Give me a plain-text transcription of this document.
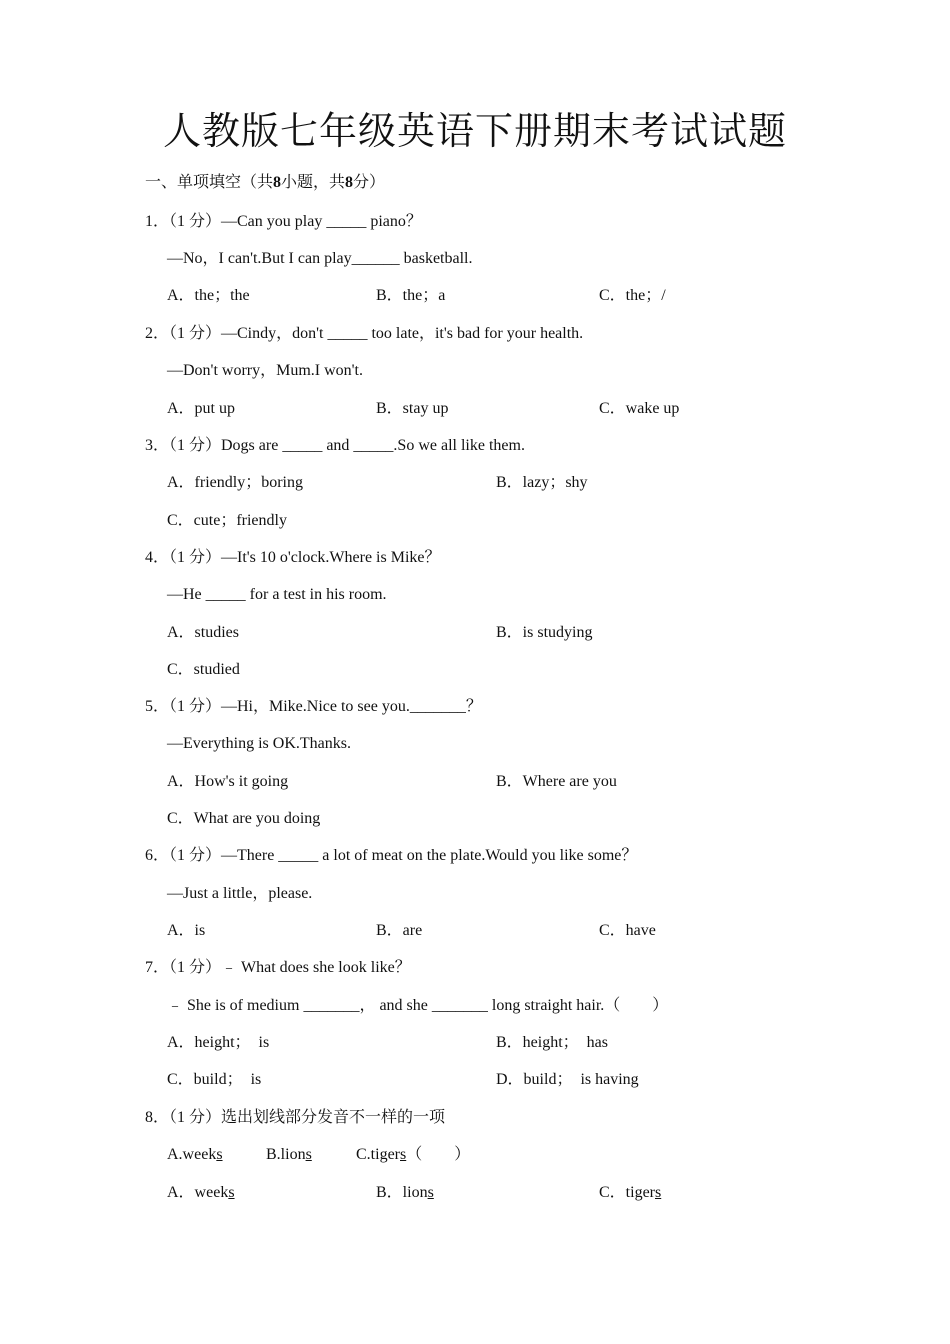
人教版七年级英语下册期末考试试题
一、单项填空（共8小题，共8分）
1．（1 分）—Can you play _____ piano？
—No，I can't.But I can play______ basketball.
A．the；the	B．the；a	C．the；/
2．（1 分）—Cindy，don't _____ too late，it's bad for your health.
—Don't worry，Mum.I won't.
A．put up	B．stay up	C．wake up
3．（1 分）Dogs are _____ and _____.So we all like them.
A．friendly；boring	B．lazy；shy
C．cute；friendly
4．（1 分）—It's 10 o'clock.Where is Mike？
—He _____ for a test in his room.
A．studies	B．is studying
C．studied
5．（1 分）—Hi，Mike.Nice to see you._______？
—Everything is OK.Thanks.
A．How's it going	B．Where are you
C．What are you doing
6．（1 分）—There _____ a lot of meat on the plate.Would you like some？
—Just a little，please.
A．is	B．are	C．have
7．（1 分）﹣ What does she look like？
﹣ She is of medium _______， and she _______ long straight hair.（　　）
A．height；  is	B．height；  has
C．build；  is	D．build；  is having
8．（1 分）选出划线部分发音不一样的一项
A.weeks	B.lions	C.tigers（　　）
A．weeks	B．lions	C．tigers
